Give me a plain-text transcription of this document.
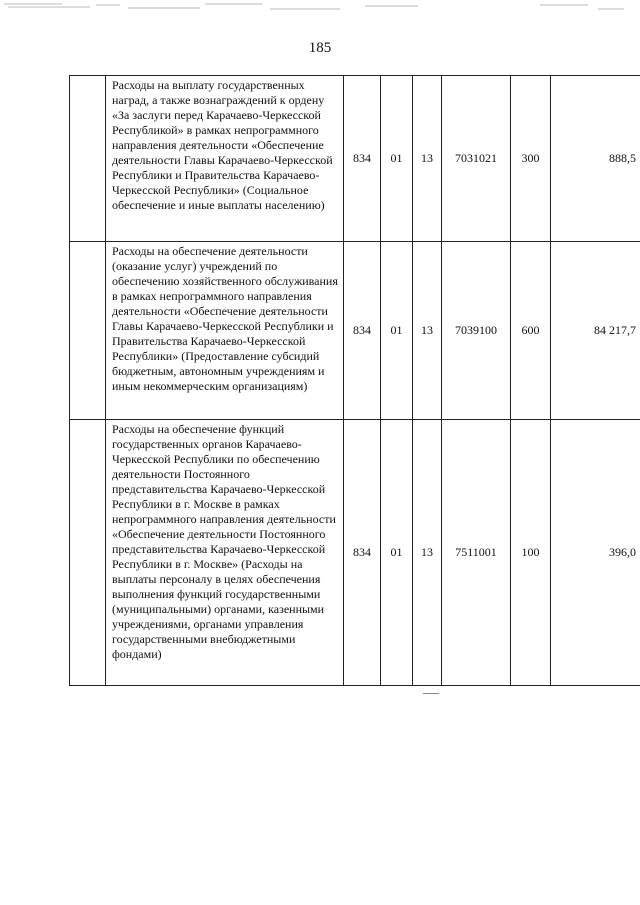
185
	Расходы на выплату государственных наград, а также вознаграждений к ордену «За заслуги перед Карачаево-Черкесской Республикой» в рамках непрограммного направления деятельности «Обеспечение деятельности Главы Карачаево-Черкесской Республики и Правительства Карачаево-Черкесской Республики» (Социальное обеспечение и иные выплаты населению)	834	01	13	7031021	300	888,5
	Расходы на обеспечение деятельности (оказание услуг) учреждений по обеспечению хозяйственного обслуживания в рамках непрограммного направления деятельности «Обеспечение деятельности Главы Карачаево-Черкесской Республики и Правительства Карачаево-Черкесской Республики» (Предоставление субсидий бюджетным, автономным учреждениям и иным некоммерческим организациям)	834	01	13	7039100	600	84 217,7
	Расходы на обеспечение функций государственных органов Карачаево-Черкесской Республики по обеспечению деятельности Постоянного представительства Карачаево-Черкесской Республики в г. Москве в рамках непрограммного направления деятельности «Обеспечение деятельности Постоянного представительства Карачаево-Черкесской Республики в г. Москве» (Расходы на выплаты персоналу в целях обеспечения выполнения функций государственными (муниципальными) органами, казенными учреждениями, органами управления государственными внебюджетными фондами)	834	01	13	7511001	100	396,0
